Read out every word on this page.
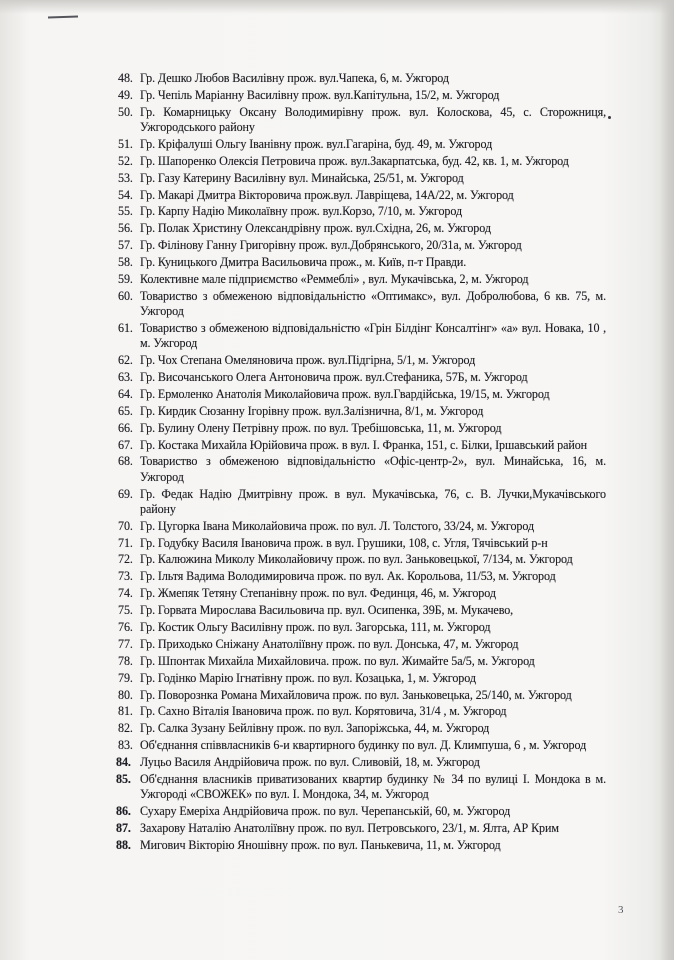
48. Гр. Дешко Любов Василівну прож. вул.Чапека, 6, м. Ужгород
49. Гр. Чепіль Маріанну Василівну прож. вул.Капітульна, 15/2, м. Ужгород
50. Гр. Комарницьку Оксану Володимирівну прож. вул. Колоскова, 45, с. Сторожниця, Ужгородського району
51. Гр. Кріфалуші Ольгу Іванівну прож. вул.Гагаріна, буд. 49, м. Ужгород
52. Гр. Шапоренко Олексія Петровича прож. вул.Закарпатська, буд. 42, кв. 1, м. Ужгород
53. Гр. Газу Катерину Василівну вул. Минайська, 25/51, м. Ужгород
54. Гр. Макарі Дмитра Вікторовича прож.вул. Лавріщева, 14А/22, м. Ужгород
55. Гр. Карпу Надію Миколаївну прож. вул.Корзо, 7/10, м. Ужгород
56. Гр. Полак Христину Олександрівну прож. вул.Східна, 26, м. Ужгород
57. Гр. Філінову Ганну Григорівну прож. вул.Добрянського, 20/31а, м. Ужгород
58. Гр. Куницького Дмитра Васильовича прож., м. Київ, п-т Правди.
59. Колективне мале підприємство «Реммеблі» , вул. Мукачівська, 2, м. Ужгород
60. Товариство з обмеженою відповідальністю «Оптимакс», вул. Добролюбова, 6 кв. 75, м. Ужгород
61. Товариство з обмеженою відповідальністю «Грін Білдінг Консалтінг» «а» вул. Новака, 10 , м. Ужгород
62. Гр. Чох Степана Омеляновича прож. вул.Підгірна, 5/1, м. Ужгород
63. Гр. Височанського Олега Антоновича прож. вул.Стефаника, 57Б, м. Ужгород
64. Гр. Ермоленко Анатолія Миколайовича прож. вул.Гвардійська, 19/15, м. Ужгород
65. Гр. Кирдик Сюзанну Ігорівну прож. вул.Залізнична, 8/1, м. Ужгород
66. Гр. Булину Олену Петрівну прож. по вул. Требішовська, 11, м. Ужгород
67. Гр. Костака Михайла Юрійовича прож. в вул. І. Франка, 151, с. Білки, Іршавський район
68. Товариство з обмеженою відповідальністю «Офіс-центр-2», вул. Минайська, 16, м. Ужгород
69. Гр. Федак Надію Дмитрівну прож. в вул. Мукачівська, 76, с. В. Лучки,Мукачівського району
70. Гр. Цугорка Івана Миколайовича прож. по вул. Л. Толстого, 33/24, м. Ужгород
71. Гр. Годубку Василя Івановича прож. в вул. Грушики, 108, с. Угля, Тячівський р-н
72. Гр. Калюжина Миколу Миколайовичу прож. по вул. Заньковецької, 7/134, м. Ужгород
73. Гр. Ільтя Вадима Володимировича прож. по вул. Ак. Корольова, 11/53, м. Ужгород
74. Гр. Жмепяк Тетяну Степанівну прож. по вул. Фединця, 46, м. Ужгород
75. Гр. Горвата Мирослава Васильовича пр. вул. Осипенка, 39Б, м. Мукачево,
76. Гр. Костик Ольгу Василівну прож. по вул. Загорська, 111, м. Ужгород
77. Гр. Приходько Сніжану Анатоліївну прож. по вул. Донська, 47, м. Ужгород
78. Гр. Шпонтак Михайла Михайловича. прож. по вул. Жимайте 5а/5, м. Ужгород
79. Гр. Годінко Марію Ігнатівну прож. по вул. Козацька, 1, м. Ужгород
80. Гр. Поворознка Романа Михайловича прож. по вул. Заньковецька, 25/140, м. Ужгород
81. Гр. Сахно Віталія Івановича прож. по вул. Корятовича, 31/4 , м. Ужгород
82. Гр. Салка Зузану Бейлівну прож. по вул. Запоріжська, 44, м. Ужгород
83. Об'єднання співвласників 6-и квартирного будинку по вул. Д. Климпуша, 6 , м. Ужгород
84. Луцьо Василя Андрійовича прож. по вул. Сливовій, 18, м. Ужгород
85. Об'єднання власників приватизованих квартир будинку № 34 по вулиці І. Мондока в м. Ужгороді «СВОЖЕК» по вул. І. Мондока, 34, м. Ужгород
86. Сухару Емеріха Андрійовича прож. по вул. Черепанській, 60, м. Ужгород
87. Захарову Наталію Анатоліївну прож. по вул. Петровського, 23/1, м. Ялта, АР Крим
88. Мигович Вікторію Яношівну прож. по вул. Панькевича, 11, м. Ужгород
3
